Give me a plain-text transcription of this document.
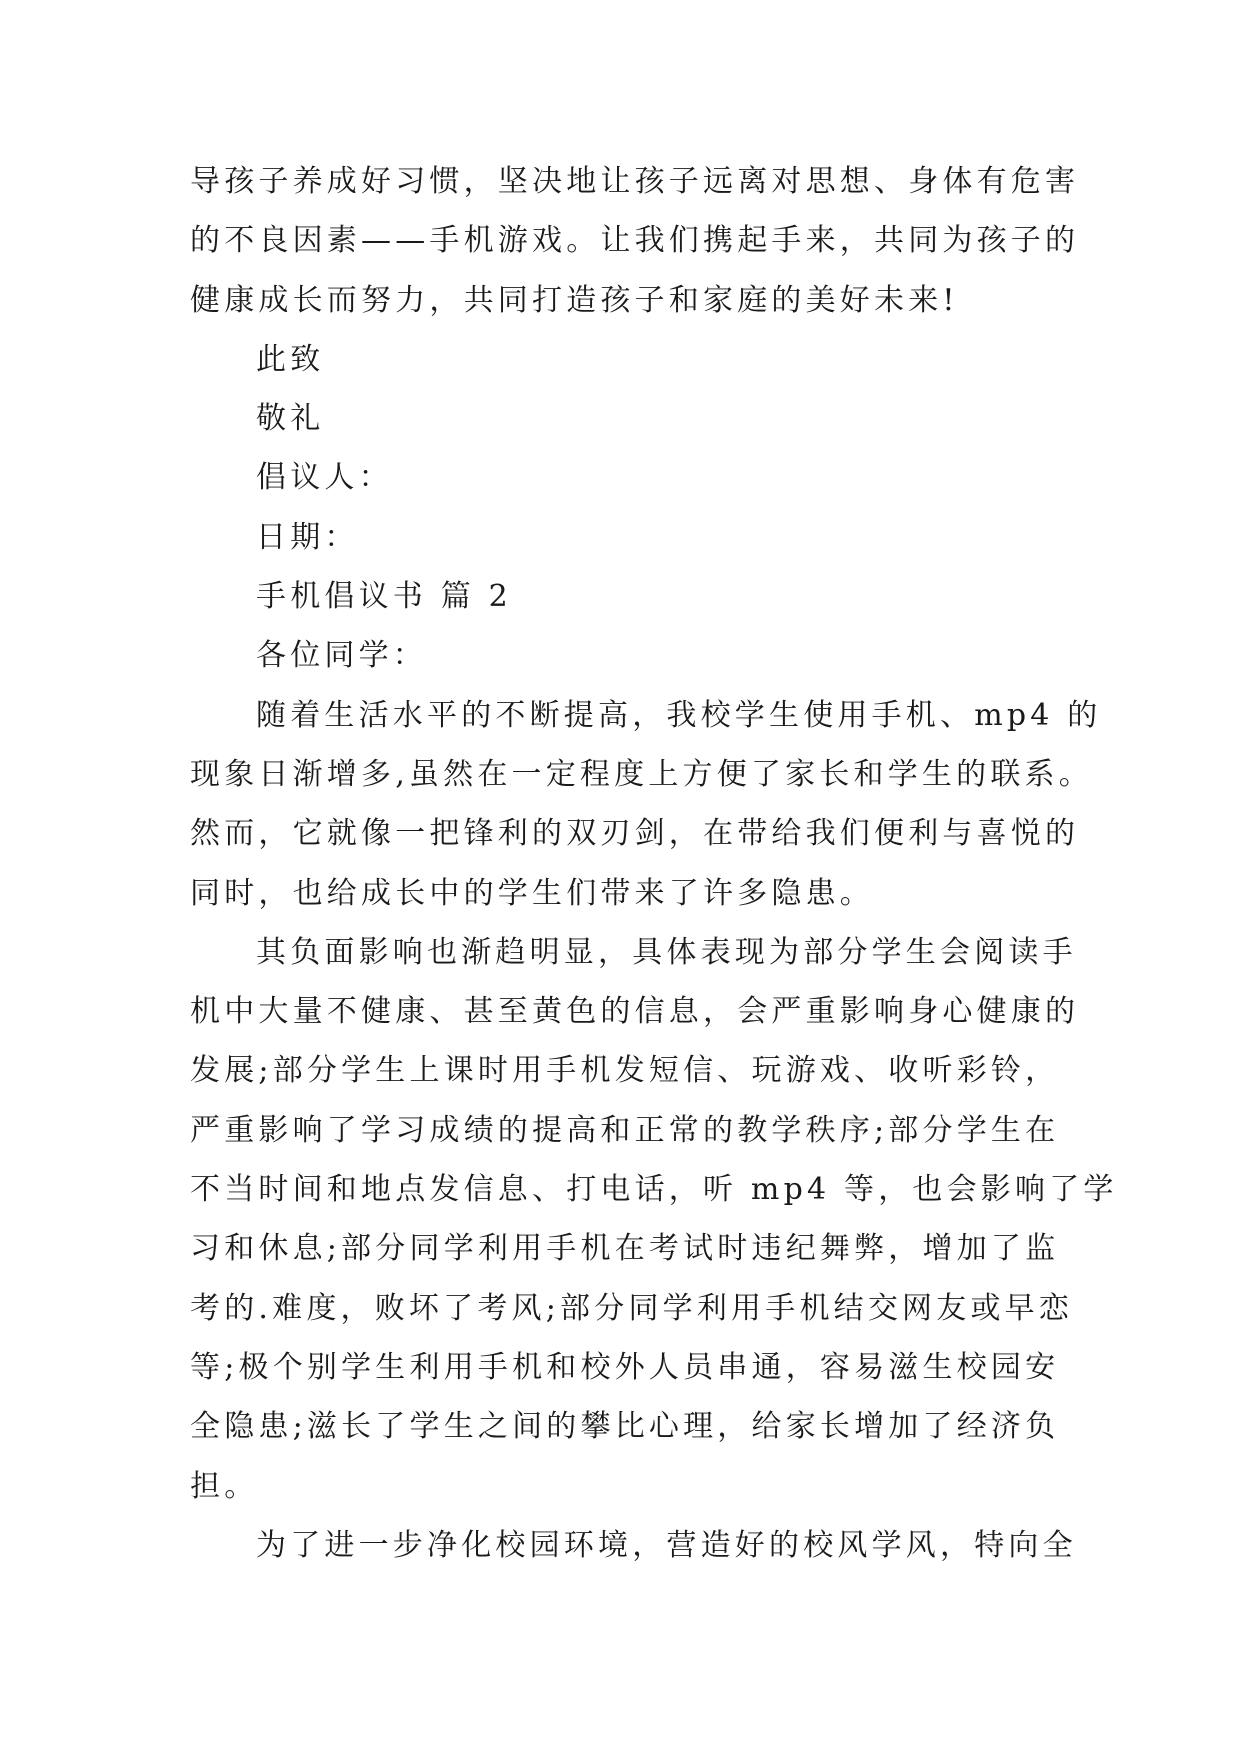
导孩子养成好习惯，坚决地让孩子远离对思想、身体有危害
的不良因素——手机游戏。让我们携起手来，共同为孩子的
健康成长而努力，共同打造孩子和家庭的美好未来!
此致
敬礼
倡议人：
日期：
手机倡议书 篇 2
各位同学：
随着生活水平的不断提高，我校学生使用手机、mp4 的
现象日渐增多,虽然在一定程度上方便了家长和学生的联系。
然而，它就像一把锋利的双刃剑，在带给我们便利与喜悦的
同时，也给成长中的学生们带来了许多隐患。
其负面影响也渐趋明显，具体表现为部分学生会阅读手
机中大量不健康、甚至黄色的信息，会严重影响身心健康的
发展;部分学生上课时用手机发短信、玩游戏、收听彩铃，
严重影响了学习成绩的提高和正常的教学秩序;部分学生在
不当时间和地点发信息、打电话，听 mp4 等，也会影响了学
习和休息;部分同学利用手机在考试时违纪舞弊，增加了监
考的.难度，败坏了考风;部分同学利用手机结交网友或早恋
等;极个别学生利用手机和校外人员串通，容易滋生校园安
全隐患;滋长了学生之间的攀比心理，给家长增加了经济负
担。
为了进一步净化校园环境，营造好的校风学风，特向全
